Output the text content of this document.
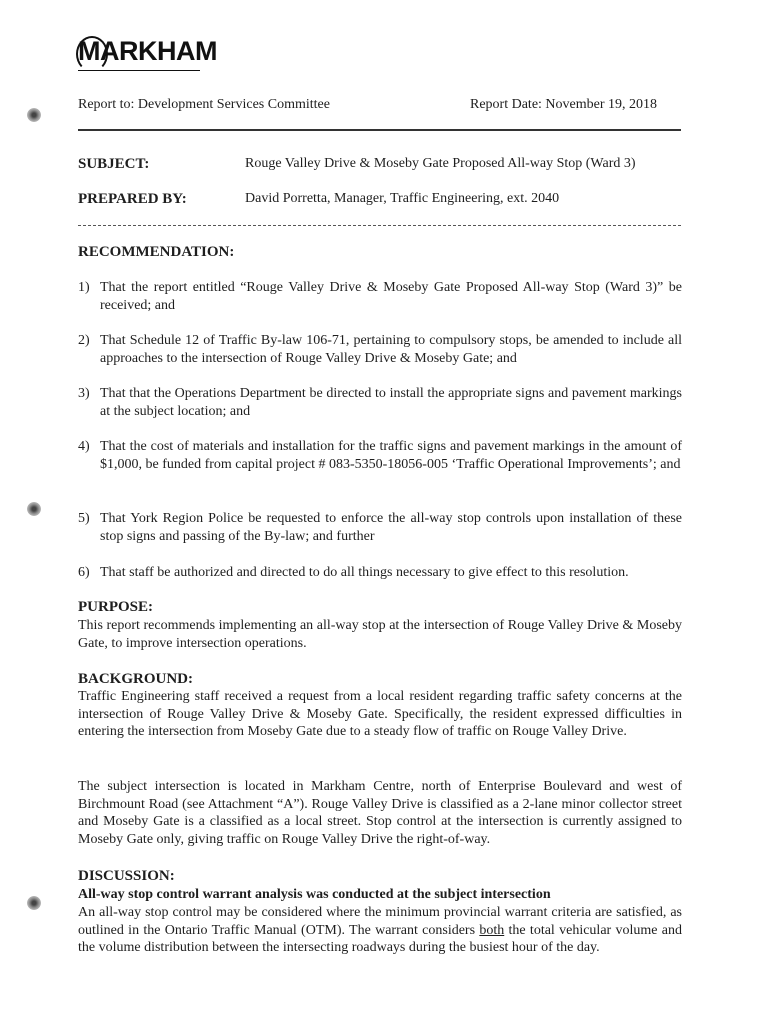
MARKHAM
Report to: Development Services Committee	Report Date: November 19, 2018
SUBJECT:	Rouge Valley Drive & Moseby Gate Proposed All-way Stop (Ward 3)
PREPARED BY:	David Porretta, Manager, Traffic Engineering, ext. 2040
RECOMMENDATION:
1) That the report entitled “Rouge Valley Drive & Moseby Gate Proposed All-way Stop (Ward 3)” be received; and
2) That Schedule 12 of Traffic By-law 106-71, pertaining to compulsory stops, be amended to include all approaches to the intersection of Rouge Valley Drive & Moseby Gate; and
3) That that the Operations Department be directed to install the appropriate signs and pavement markings at the subject location; and
4) That the cost of materials and installation for the traffic signs and pavement markings in the amount of $1,000, be funded from capital project # 083-5350-18056-005 ‘Traffic Operational Improvements’; and
5) That York Region Police be requested to enforce the all-way stop controls upon installation of these stop signs and passing of the By-law; and further
6) That staff be authorized and directed to do all things necessary to give effect to this resolution.
PURPOSE:
This report recommends implementing an all-way stop at the intersection of Rouge Valley Drive & Moseby Gate, to improve intersection operations.
BACKGROUND:
Traffic Engineering staff received a request from a local resident regarding traffic safety concerns at the intersection of Rouge Valley Drive & Moseby Gate. Specifically, the resident expressed difficulties in entering the intersection from Moseby Gate due to a steady flow of traffic on Rouge Valley Drive.
The subject intersection is located in Markham Centre, north of Enterprise Boulevard and west of Birchmount Road (see Attachment “A”). Rouge Valley Drive is classified as a 2-lane minor collector street and Moseby Gate is a classified as a local street. Stop control at the intersection is currently assigned to Moseby Gate only, giving traffic on Rouge Valley Drive the right-of-way.
DISCUSSION:
All-way stop control warrant analysis was conducted at the subject intersection
An all-way stop control may be considered where the minimum provincial warrant criteria are satisfied, as outlined in the Ontario Traffic Manual (OTM). The warrant considers both the total vehicular volume and the volume distribution between the intersecting roadways during the busiest hour of the day.
